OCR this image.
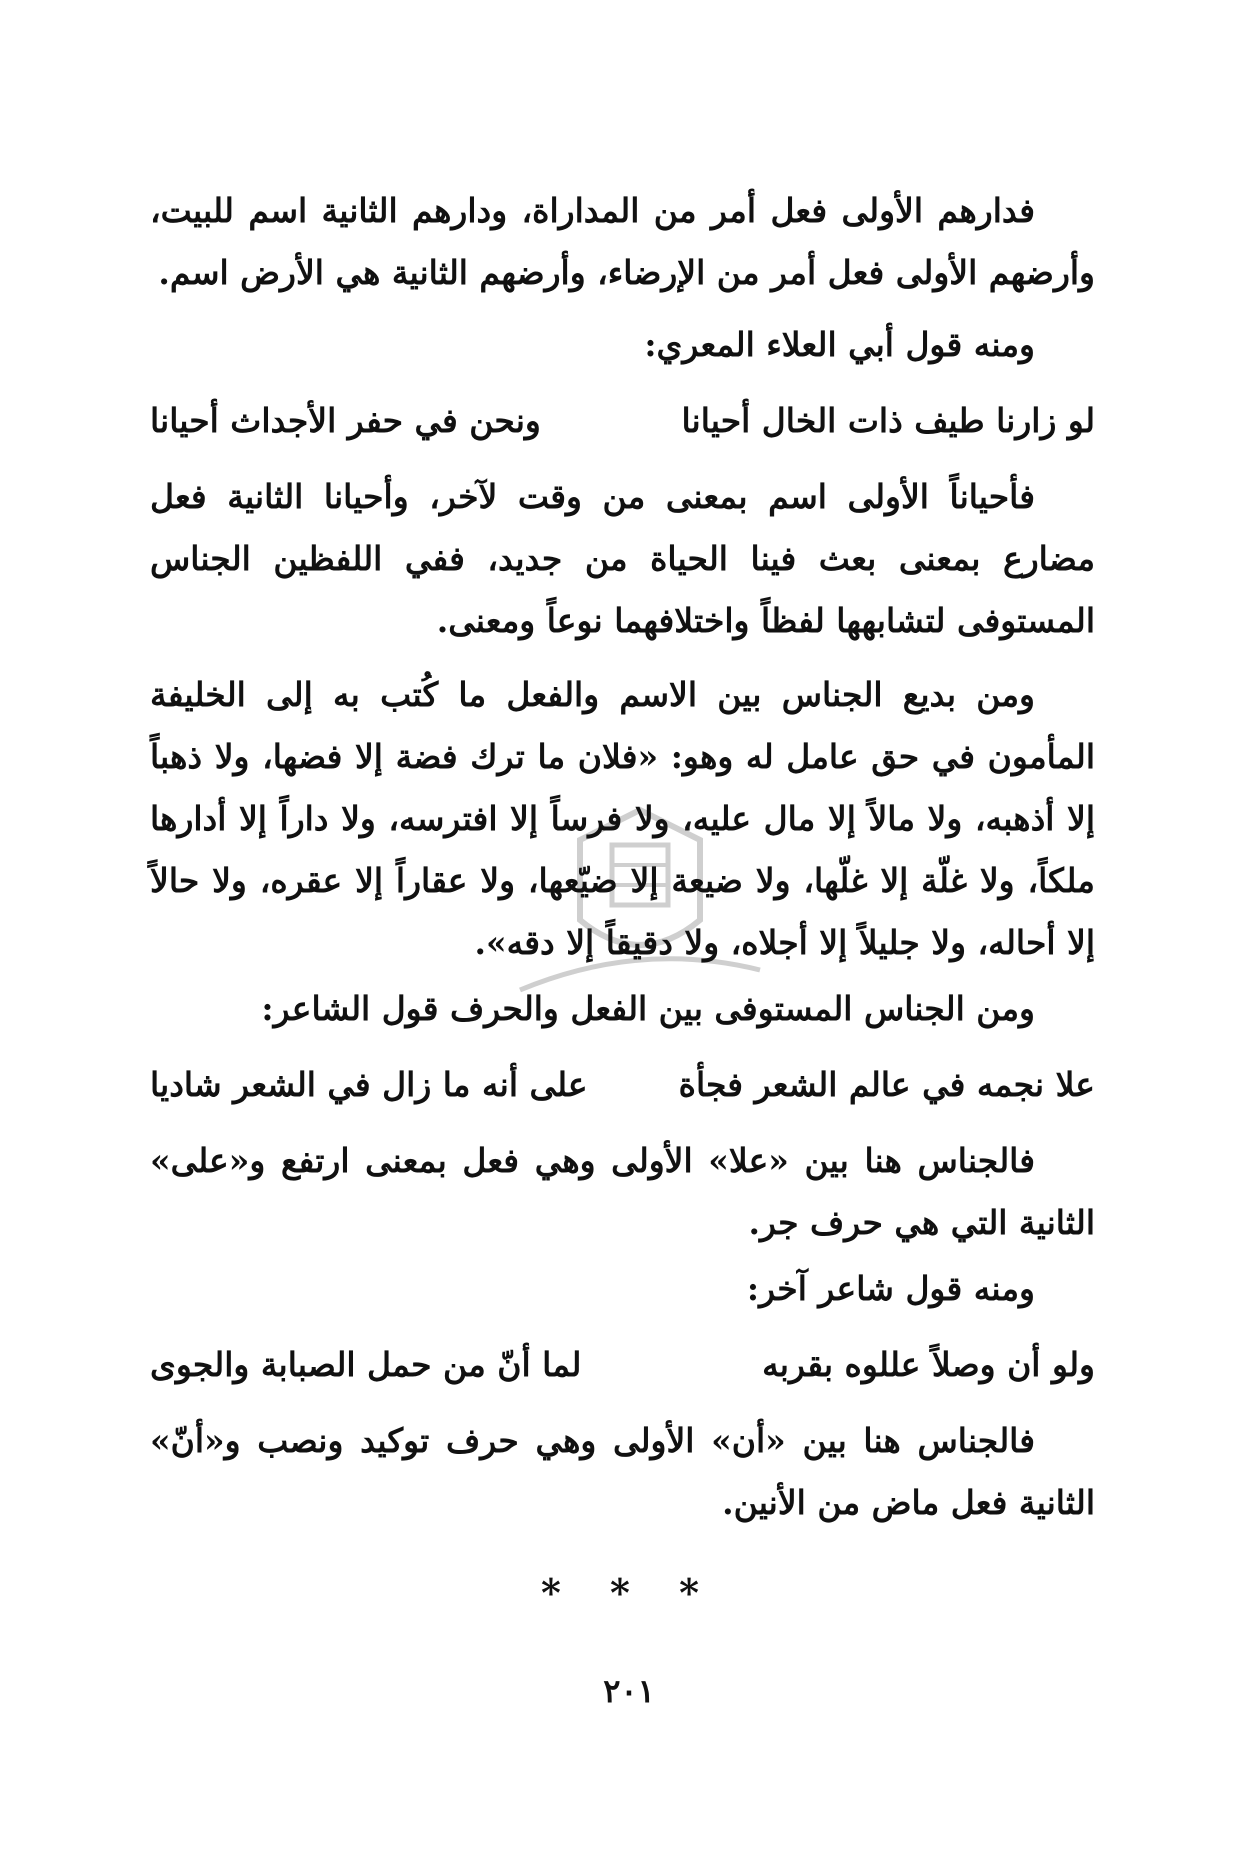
فدارهم الأولى فعل أمر من المداراة، ودارهم الثانية اسم للبيت، وأرضهم الأولى فعل أمر من الإرضاء، وأرضهم الثانية هي الأرض اسم.

ومنه قول أبي العلاء المعري:

لو زارنا طيف ذات الخال أحيانا
ونحن في حفر الأجداث أحيانا

فأحياناً الأولى اسم بمعنى من وقت لآخر، وأحيانا الثانية فعل مضارع بمعنى بعث فينا الحياة من جديد، ففي اللفظين الجناس المستوفى لتشابهها لفظاً واختلافهما نوعاً ومعنى.

ومن بديع الجناس بين الاسم والفعل ما كُتب به إلى الخليفة المأمون في حق عامل له وهو: «فلان ما ترك فضة إلا فضها، ولا ذهباً إلا أذهبه، ولا مالاً إلا مال عليه، ولا فرساً إلا افترسه، ولا داراً إلا أدارها ملكاً، ولا غلّة إلا غلّها، ولا ضيعة إلا ضيّعها، ولا عقاراً إلا عقره، ولا حالاً إلا أحاله، ولا جليلاً إلا أجلاه، ولا دقيقاً إلا دقه».

ومن الجناس المستوفى بين الفعل والحرف قول الشاعر:

علا نجمه في عالم الشعر فجأة
على أنه ما زال في الشعر شاديا

فالجناس هنا بين «علا» الأولى وهي فعل بمعنى ارتفع و«على» الثانية التي هي حرف جر.

ومنه قول شاعر آخر:

ولو أن وصلاً عللوه بقربه
لما أنّ من حمل الصبابة والجوى

فالجناس هنا بين «أن» الأولى وهي حرف توكيد ونصب و«أنّ» الثانية فعل ماض من الأنين.

* * *
٢٠١
